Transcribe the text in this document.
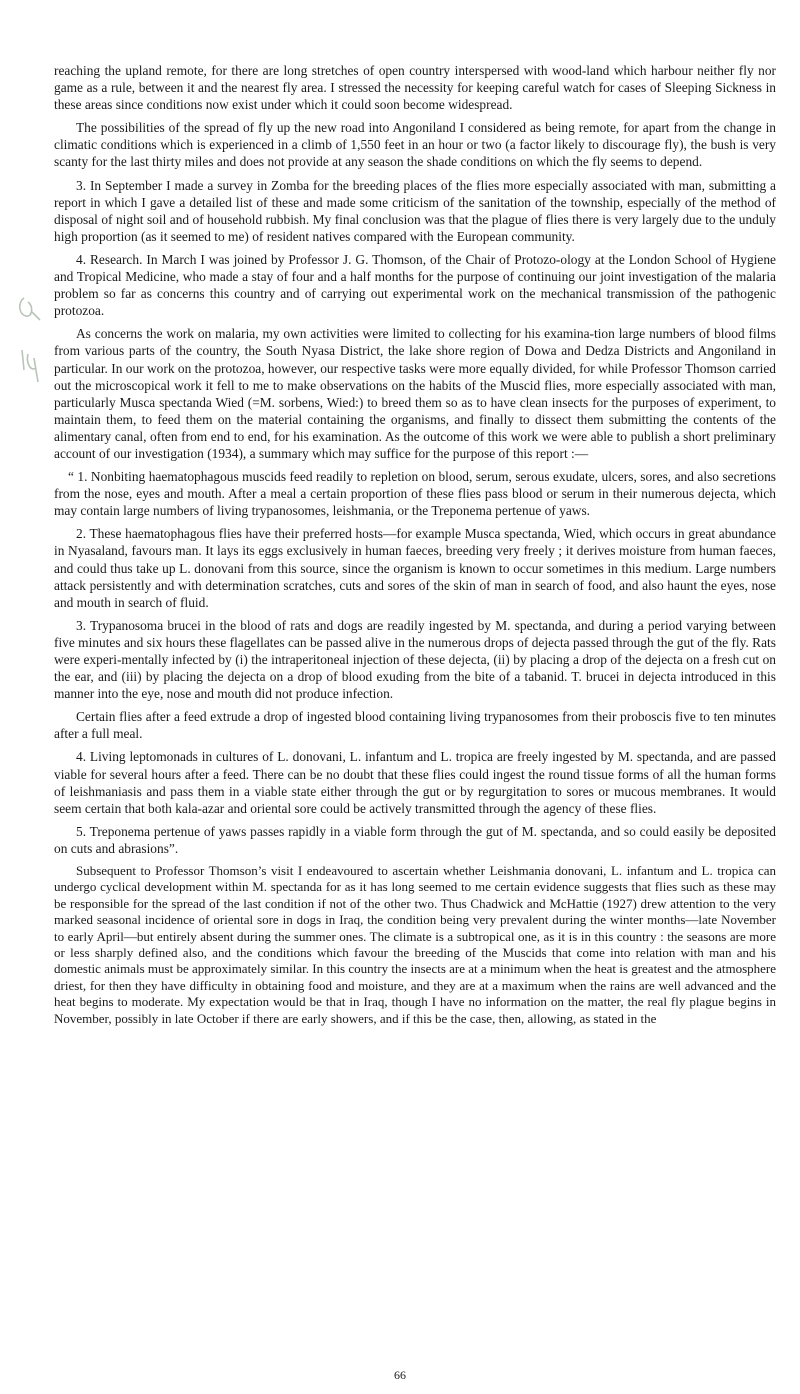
reaching the upland remote, for there are long stretches of open country interspersed with wood-land which harbour neither fly nor game as a rule, between it and the nearest fly area. I stressed the necessity for keeping careful watch for cases of Sleeping Sickness in these areas since conditions now exist under which it could soon become widespread.

The possibilities of the spread of fly up the new road into Angoniland I considered as being remote, for apart from the change in climatic conditions which is experienced in a climb of 1,550 feet in an hour or two (a factor likely to discourage fly), the bush is very scanty for the last thirty miles and does not provide at any season the shade conditions on which the fly seems to depend.

3. In September I made a survey in Zomba for the breeding places of the flies more especially associated with man, submitting a report in which I gave a detailed list of these and made some criticism of the sanitation of the township, especially of the method of disposal of night soil and of household rubbish. My final conclusion was that the plague of flies there is very largely due to the unduly high proportion (as it seemed to me) of resident natives compared with the European community.

4. Research. In March I was joined by Professor J. G. Thomson, of the Chair of Protozo-ology at the London School of Hygiene and Tropical Medicine, who made a stay of four and a half months for the purpose of continuing our joint investigation of the malaria problem so far as concerns this country and of carrying out experimental work on the mechanical transmission of the pathogenic protozoa.

As concerns the work on malaria, my own activities were limited to collecting for his examina-tion large numbers of blood films from various parts of the country, the South Nyasa District, the lake shore region of Dowa and Dedza Districts and Angoniland in particular. In our work on the protozoa, however, our respective tasks were more equally divided, for while Professor Thomson carried out the microscopical work it fell to me to make observations on the habits of the Muscid flies, more especially associated with man, particularly Musca spectanda Wied (=M. sorbens, Wied:) to breed them so as to have clean insects for the purposes of experiment, to maintain them, to feed them on the material containing the organisms, and finally to dissect them submitting the contents of the alimentary canal, often from end to end, for his examination. As the outcome of this work we were able to publish a short preliminary account of our investigation (1934), a summary which may suffice for the purpose of this report :—

“ 1. Nonbiting haematophagous muscids feed readily to repletion on blood, serum, serous exudate, ulcers, sores, and also secretions from the nose, eyes and mouth. After a meal a certain proportion of these flies pass blood or serum in their numerous dejecta, which may contain large numbers of living trypanosomes, leishmania, or the Treponema pertenue of yaws.

2. These haematophagous flies have their preferred hosts—for example Musca spectanda, Wied, which occurs in great abundance in Nyasaland, favours man. It lays its eggs exclusively in human faeces, breeding very freely ; it derives moisture from human faeces, and could thus take up L. donovani from this source, since the organism is known to occur sometimes in this medium. Large numbers attack persistently and with determination scratches, cuts and sores of the skin of man in search of food, and also haunt the eyes, nose and mouth in search of fluid.

3. Trypanosoma brucei in the blood of rats and dogs are readily ingested by M. spectanda, and during a period varying between five minutes and six hours these flagellates can be passed alive in the numerous drops of dejecta passed through the gut of the fly. Rats were experi-mentally infected by (i) the intraperitoneal injection of these dejecta, (ii) by placing a drop of the dejecta on a fresh cut on the ear, and (iii) by placing the dejecta on a drop of blood exuding from the bite of a tabanid. T. brucei in dejecta introduced in this manner into the eye, nose and mouth did not produce infection.

Certain flies after a feed extrude a drop of ingested blood containing living trypanosomes from their proboscis five to ten minutes after a full meal.

4. Living leptomonads in cultures of L. donovani, L. infantum and L. tropica are freely ingested by M. spectanda, and are passed viable for several hours after a feed. There can be no doubt that these flies could ingest the round tissue forms of all the human forms of leishmaniasis and pass them in a viable state either through the gut or by regurgitation to sores or mucous membranes. It would seem certain that both kala-azar and oriental sore could be actively transmitted through the agency of these flies.

5. Treponema pertenue of yaws passes rapidly in a viable form through the gut of M. spectanda, and so could easily be deposited on cuts and abrasions”.

Subsequent to Professor Thomson’s visit I endeavoured to ascertain whether Leishmania donovani, L. infantum and L. tropica can undergo cyclical development within M. spectanda for as it has long seemed to me certain evidence suggests that flies such as these may be responsible for the spread of the last condition if not of the other two. Thus Chadwick and McHattie (1927) drew attention to the very marked seasonal incidence of oriental sore in dogs in Iraq, the condition being very prevalent during the winter months—late November to early April—but entirely absent during the summer ones. The climate is a subtropical one, as it is in this country : the seasons are more or less sharply defined also, and the conditions which favour the breeding of the Muscids that come into relation with man and his domestic animals must be approximately similar. In this country the insects are at a minimum when the heat is greatest and the atmosphere driest, for then they have difficulty in obtaining food and moisture, and they are at a maximum when the rains are well advanced and the heat begins to moderate. My expectation would be that in Iraq, though I have no information on the matter, the real fly plague begins in November, possibly in late October if there are early showers, and if this be the case, then, allowing, as stated in the

66
